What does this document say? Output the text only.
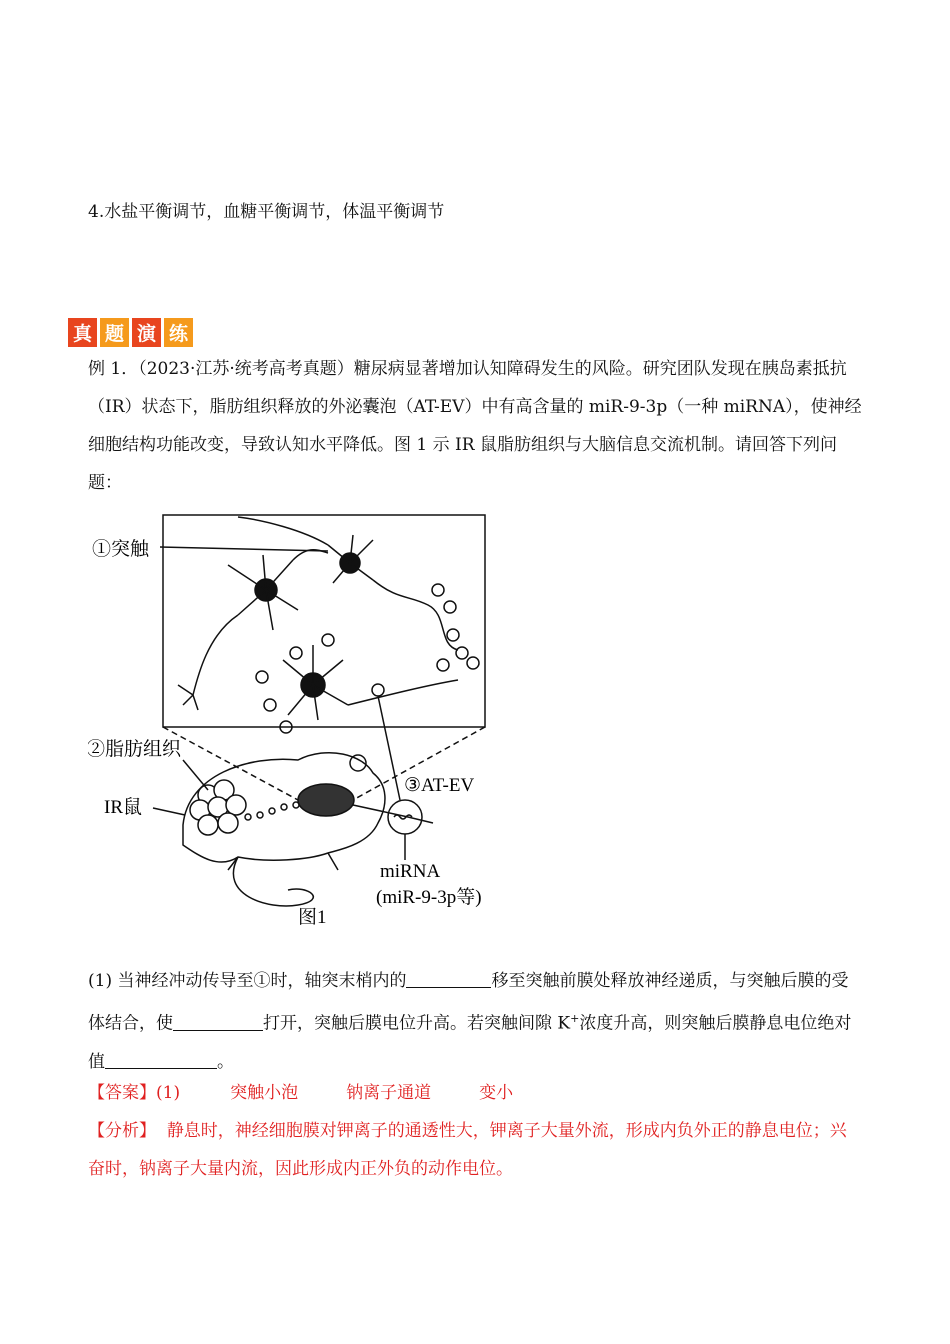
4.水盐平衡调节，血糖平衡调节，体温平衡调节
真 题 演 练
例 1．（2023·江苏·统考高考真题）糖尿病显著增加认知障碍发生的风险。研究团队发现在胰岛素抵抗（IR）状态下，脂肪组织释放的外泌囊泡（AT-EV）中有高含量的 miR-9-3p（一种 miRNA），使神经细胞结构功能改变，导致认知水平降低。图 1 示 IR 鼠脂肪组织与大脑信息交流机制。请回答下列问题：
①突触
②脂肪组织
③AT-EV
IR鼠
miRNA
(miR-9-3p等)
图1
(1) 当神经冲动传导至①时，轴突末梢内的	移至突触前膜处释放神经递质，与突触后膜的受体结合，使	打开，突触后膜电位升高。若突触间隙 K+浓度升高，则突触后膜静息电位绝对值	。
【答案】(1)	突触小泡	钠离子通道	变小
【分析】 静息时，神经细胞膜对钾离子的通透性大，钾离子大量外流，形成内负外正的静息电位；兴奋时，钠离子大量内流，因此形成内正外负的动作电位。
